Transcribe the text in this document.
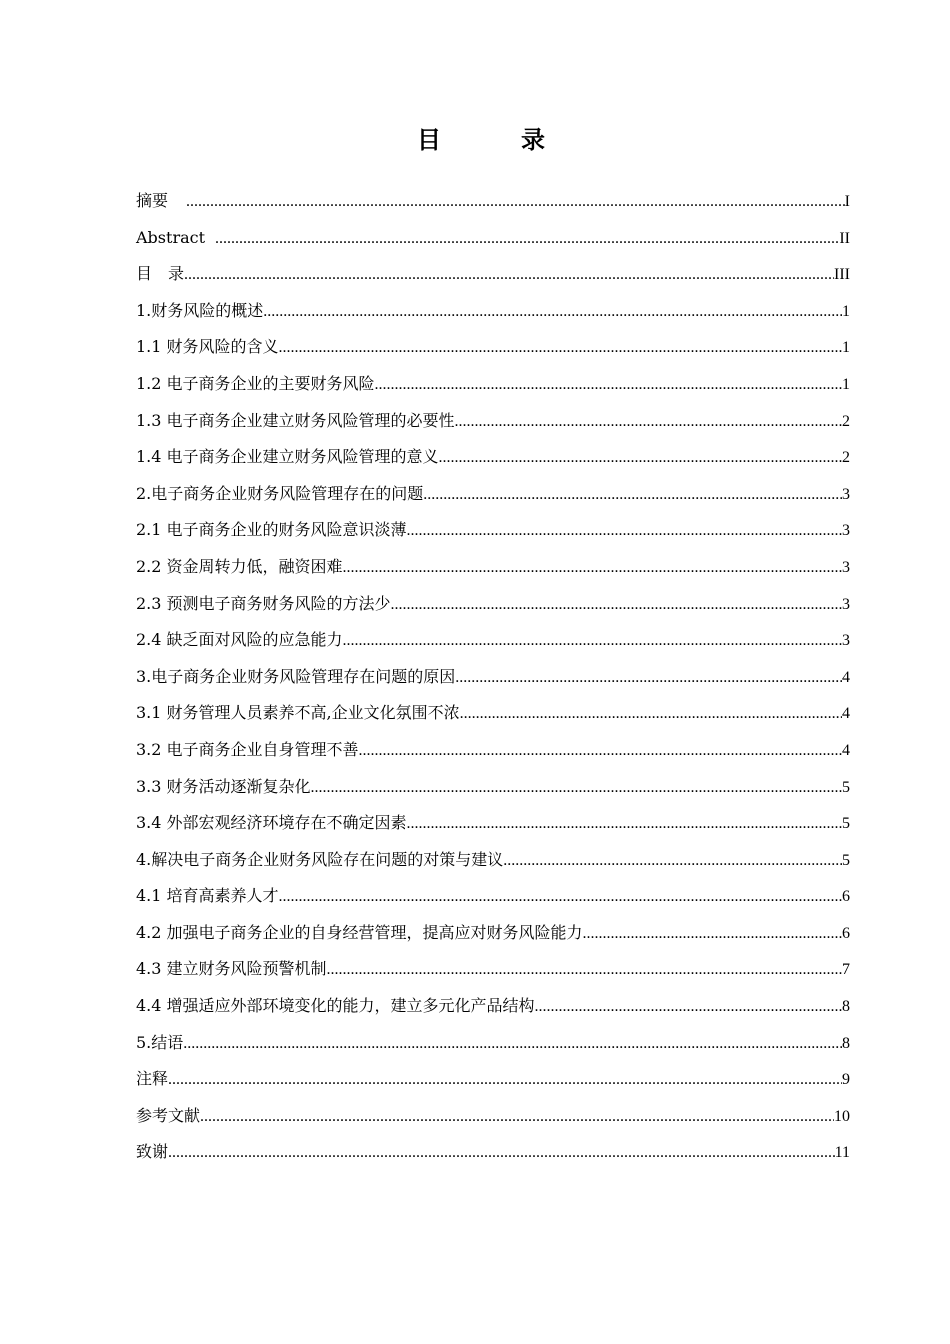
目　录
摘要 .....	I
Abstract .....	II
目　录 .....	III
1.财务风险的概述 .....	1
1.1 财务风险的含义 .....	1
1.2 电子商务企业的主要财务风险 .....	1
1.3 电子商务企业建立财务风险管理的必要性 .....	2
1.4 电子商务企业建立财务风险管理的意义 .....	2
2.电子商务企业财务风险管理存在的问题 .....	3
2.1 电子商务企业的财务风险意识淡薄 .....	3
2.2 资金周转力低，融资困难 .....	3
2.3 预测电子商务财务风险的方法少 .....	3
2.4 缺乏面对风险的应急能力 .....	3
3.电子商务企业财务风险管理存在问题的原因 .....	4
3.1 财务管理人员素养不高,企业文化氛围不浓 .....	4
3.2 电子商务企业自身管理不善 .....	4
3.3 财务活动逐渐复杂化 .....	5
3.4 外部宏观经济环境存在不确定因素 .....	5
4.解决电子商务企业财务风险存在问题的对策与建议 .....	5
4.1 培育高素养人才 .....	6
4.2 加强电子商务企业的自身经营管理，提高应对财务风险能力 .....	6
4.3 建立财务风险预警机制 .....	7
4.4 增强适应外部环境变化的能力，建立多元化产品结构 .....	8
5.结语 .....	8
注释 .....	9
参考文献 .....	10
致谢 .....	11
